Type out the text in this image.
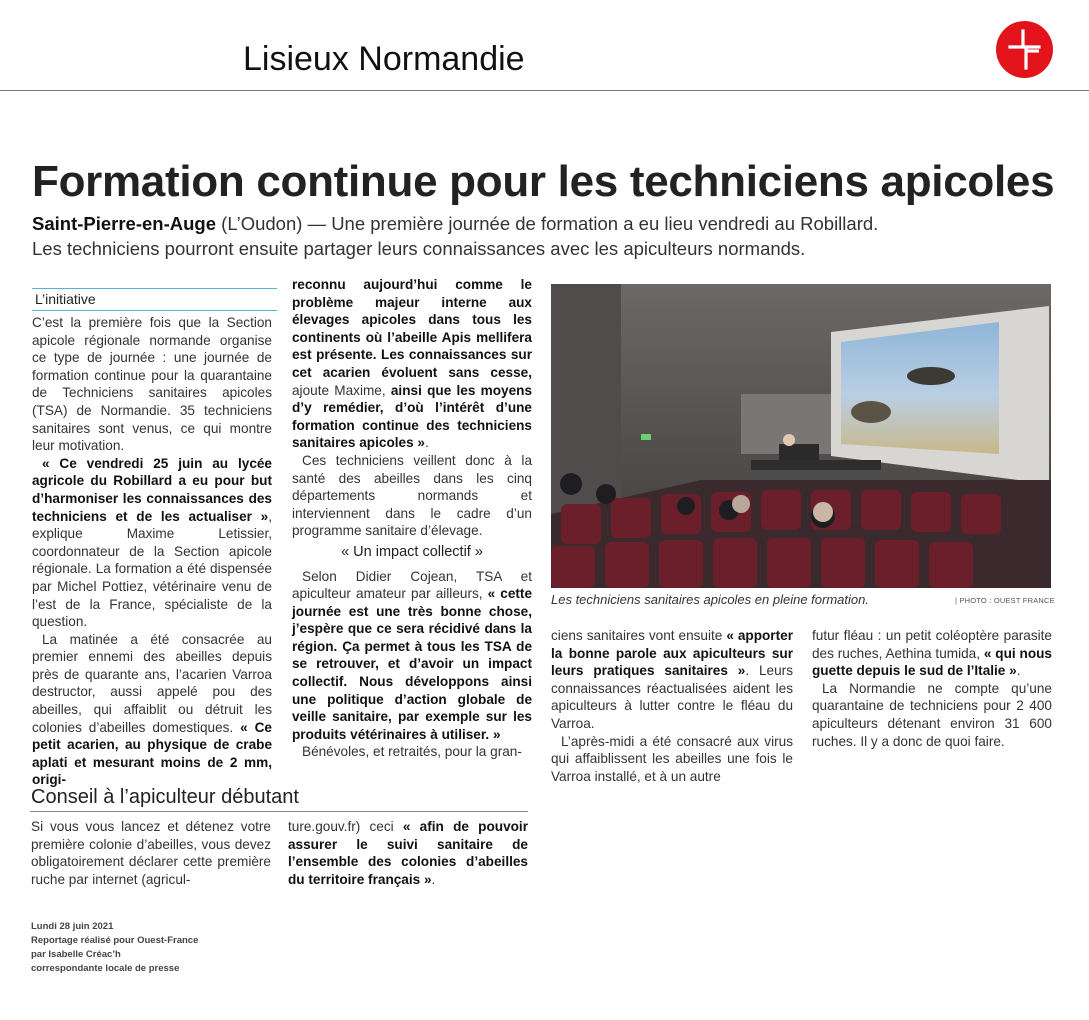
Lisieux Normandie
Formation continue pour les techniciens apicoles
Saint-Pierre-en-Auge (L’Oudon) — Une première journée de formation a eu lieu vendredi au Robillard.
Les techniciens pourront ensuite partager leurs connaissances avec les apiculteurs normands.
L’initiative

C’est la première fois que la Section apicole régionale normande organise ce type de journée : une journée de formation continue pour la quarantaine de Techniciens sanitaires apicoles (TSA) de Normandie. 35 techniciens sanitaires sont venus, ce qui montre leur motivation.

« Ce vendredi 25 juin au lycée agricole du Robillard a eu pour but d’harmoniser les connaissances des techniciens et de les actualiser », explique Maxime Letissier, coordonnateur de la Section apicole régionale. La formation a été dispensée par Michel Pottiez, vétérinaire venu de l’est de la France, spécialiste de la question.

La matinée a été consacrée au premier ennemi des abeilles depuis près de quarante ans, l’acarien Varroa destructor, aussi appelé pou des abeilles, qui affaiblit ou détruit les colonies d’abeilles domestiques. « Ce petit acarien, au physique de crabe aplati et mesurant moins de 2 mm, origi-

reconnu aujourd’hui comme le problème majeur interne aux élevages apicoles dans tous les continents où l’abeille Apis mellifera est présente. Les connaissances sur cet acarien évoluent sans cesse, ajoute Maxime, ainsi que les moyens d’y remédier, d’où l’intérêt d’une formation continue des techniciens sanitaires apicoles ».

Ces techniciens veillent donc à la santé des abeilles dans les cinq départements normands et interviennent dans le cadre d’un programme sanitaire d’élevage.

« Un impact collectif »

Selon Didier Cojean, TSA et apiculteur amateur par ailleurs, « cette journée est une très bonne chose, j’espère que ce sera récidivé dans la région. Ça permet à tous les TSA de se retrouver, et d’avoir un impact collectif. Nous développons ainsi une politique d’action globale de veille sanitaire, par exemple sur les produits vétérinaires à utiliser. »

Bénévoles, et retraités, pour la gran-

Les techniciens sanitaires apicoles en pleine formation.	| PHOTO : OUEST FRANCE

ciens sanitaires vont ensuite « apporter la bonne parole aux apiculteurs sur leurs pratiques sanitaires ». Leurs connaissances réactualisées aident les apiculteurs à lutter contre le fléau du Varroa.

L’après-midi a été consacré aux virus qui affaiblissent les abeilles une fois le Varroa installé, et à un autre

futur fléau : un petit coléoptère parasite des ruches, Aethina tumida, « qui nous guette depuis le sud de l’Italie ».

La Normandie ne compte qu’une quarantaine de techniciens pour 2 400 apiculteurs détenant environ 31 600 ruches. Il y a donc de quoi faire.

Conseil à l’apiculteur débutant

Si vous vous lancez et détenez votre première colonie d’abeilles, vous devez obligatoirement déclarer cette première ruche par internet (agricul-

ture.gouv.fr) ceci « afin de pouvoir assurer le suivi sanitaire de l’ensemble des colonies d’abeilles du territoire français ».

Lundi 28 juin 2021
Reportage réalisé pour Ouest-France
par Isabelle Créac’h
correspondante locale de presse
